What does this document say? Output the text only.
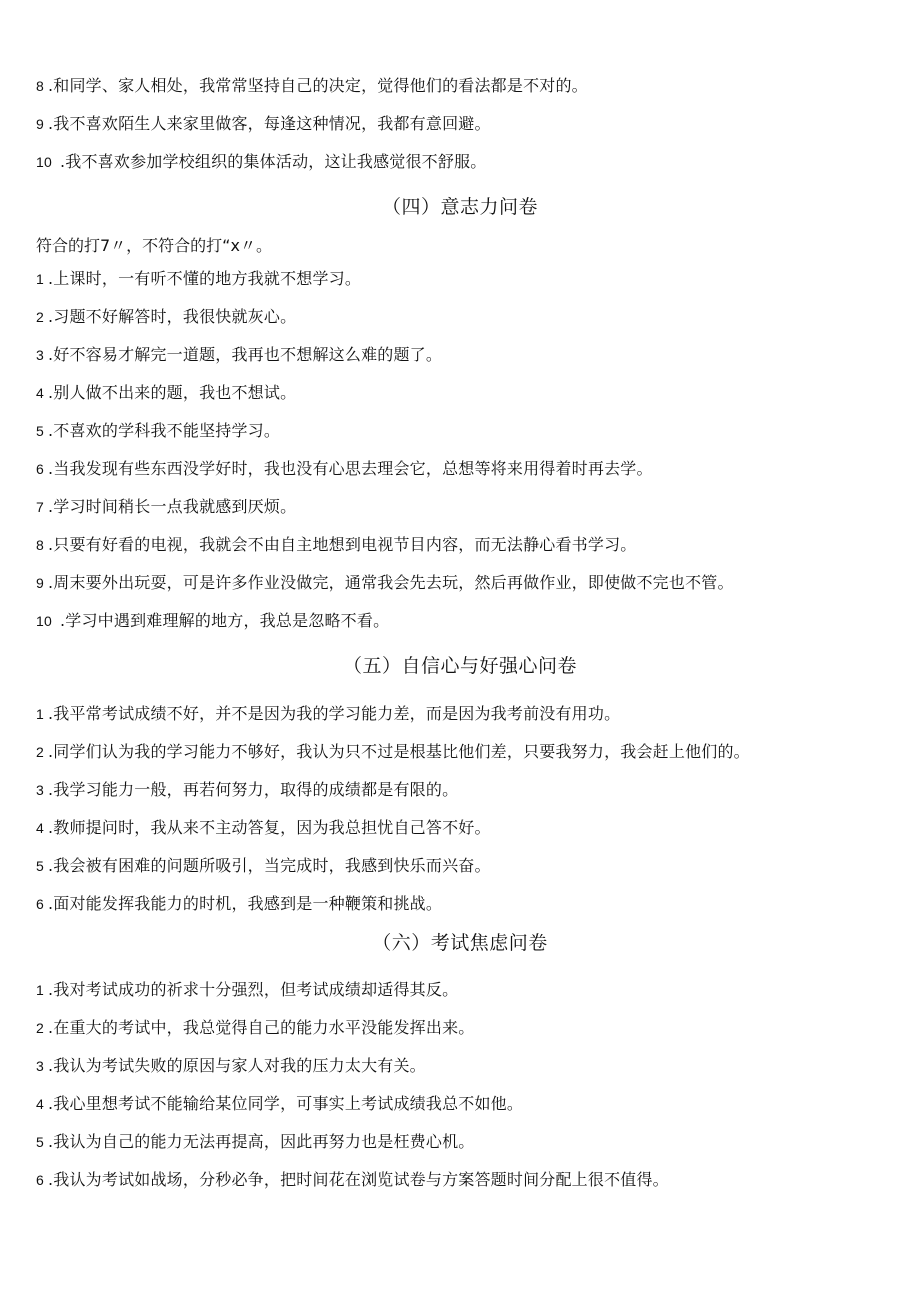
8 .和同学、家人相处，我常常坚持自己的决定，觉得他们的看法都是不对的。
9 .我不喜欢陌生人来家里做客，每逢这种情况，我都有意回避。
10 .我不喜欢参加学校组织的集体活动，这让我感觉很不舒服。
（四）意志力问卷
符合的打7〃，不符合的打“x〃。
1 .上课时，一有听不懂的地方我就不想学习。
2 .习题不好解答时，我很快就灰心。
3 .好不容易才解完一道题，我再也不想解这么难的题了。
4 .别人做不出来的题，我也不想试。
5 .不喜欢的学科我不能坚持学习。
6 .当我发现有些东西没学好时，我也没有心思去理会它，总想等将来用得着时再去学。
7 .学习时间稍长一点我就感到厌烦。
8 .只要有好看的电视，我就会不由自主地想到电视节目内容，而无法静心看书学习。
9 .周末要外出玩耍，可是许多作业没做完，通常我会先去玩，然后再做作业，即使做不完也不管。
10 .学习中遇到难理解的地方，我总是忽略不看。
（五）自信心与好强心问卷
1 .我平常考试成绩不好，并不是因为我的学习能力差，而是因为我考前没有用功。
2 .同学们认为我的学习能力不够好，我认为只不过是根基比他们差，只要我努力，我会赶上他们的。
3 .我学习能力一般，再若何努力，取得的成绩都是有限的。
4 .教师提问时，我从来不主动答复，因为我总担忧自己答不好。
5 .我会被有困难的问题所吸引，当完成时，我感到快乐而兴奋。
6 .面对能发挥我能力的时机，我感到是一种鞭策和挑战。
（六）考试焦虑问卷
1 .我对考试成功的祈求十分强烈，但考试成绩却适得其反。
2 .在重大的考试中，我总觉得自己的能力水平没能发挥出来。
3 .我认为考试失败的原因与家人对我的压力太大有关。
4 .我心里想考试不能输给某位同学，可事实上考试成绩我总不如他。
5 .我认为自己的能力无法再提高，因此再努力也是枉费心机。
6 .我认为考试如战场，分秒必争，把时间花在浏览试卷与方案答题时间分配上很不值得。
